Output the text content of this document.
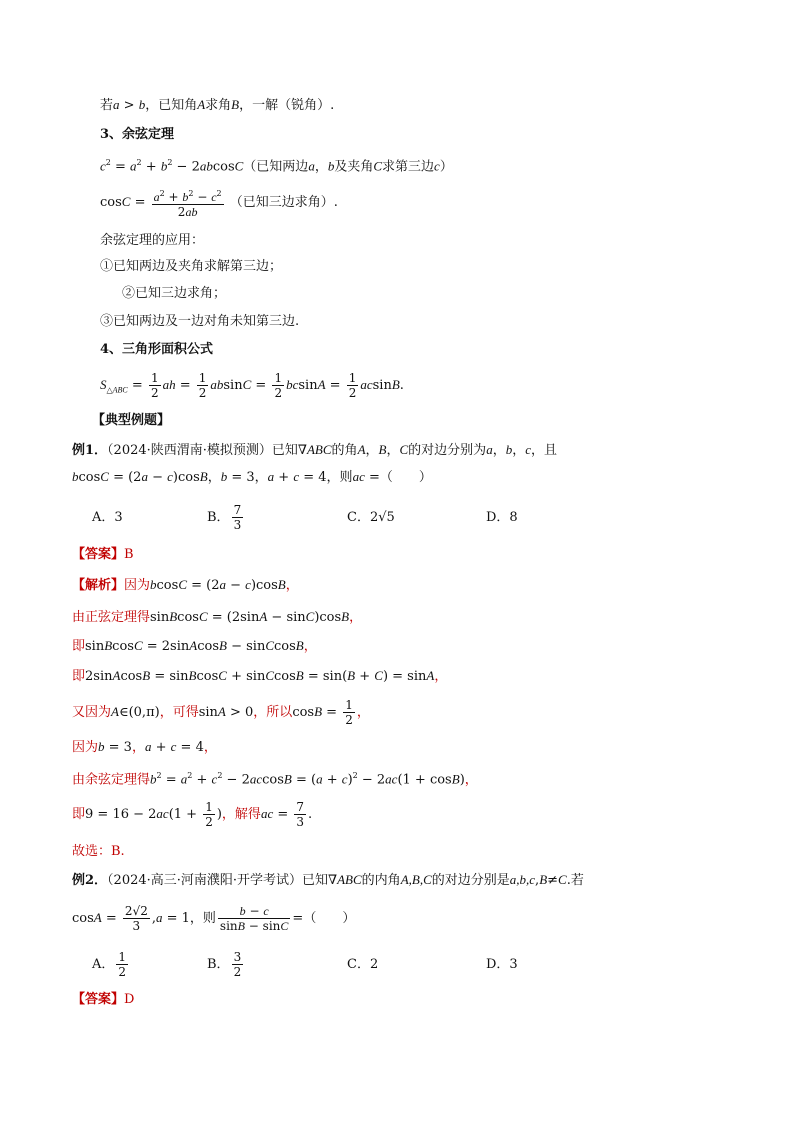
若a > b，已知角A求角B，一解（锐角）.
3、余弦定理
$c^2 = a^2 + b^2 - 2abcosC$（已知两边a，b及夹角C求第三边c）
$\cos C = \frac{a^2 + b^2 - c^2}{2ab}$ （已知三边求角）.
余弦定理的应用：
①已知两边及夹角求解第三边；
②已知三边求角；
③已知两边及一边对角未知第三边.
4、三角形面积公式
$S_{\triangle ABC} = \frac{1}{2}$ ah = $\frac{1}{2}$ $absinC = \frac{1}{2}$ $bcsinA = \frac{1}{2} acsinB$.
【典型例题】
例1．（2024·陕西渭南·模拟预测）已知∇ABC的角A，B，C的对边分别为a，b，c，且
bcosC = (2a − c)cosB，b = 3，a + c = 4，则ac =（　　）
A．3	B． $\frac{7}{3}$	C．2√5	D．8
【答案】B
【解析】因为bcosC = (2a − c)cosB，
由正弦定理得sinBcosC = (2sinA − sinC)cosB，
即sinBcosC = 2sinAcosB − sinCcosB，
即2sinAcosB = sinBcosC + sinCcosB = sin(B + C) = sinA，
又因为A∈(0,π)，可得sinA > 0，所以$\cos B = \frac{1}{2}$ ，
因为b = 3，a + c = 4，
由余弦定理得$b^2 = a^2 + c^2 - 2accosB = (a + c)^2 - 2ac(1 + \cos B)$，
即$9 = 16 - 2ac(1 + \frac{1}{2}$ )，解得ac = $\frac{7}{3}$ .
故选：B.
例2．（2024·高三·河南濮阳·开学考试）已知∇ABC的内角A,B,C的对边分别是a,b,c,B≠C.若
$\cos A = \frac{2√2}{3} ,a = 1$，则 $\frac{b - c}{\sin B - \sin C}$ =（　　）
A． $\frac{1}{2}$	B． $\frac{3}{2}$	C．2	D．3
【答案】D
